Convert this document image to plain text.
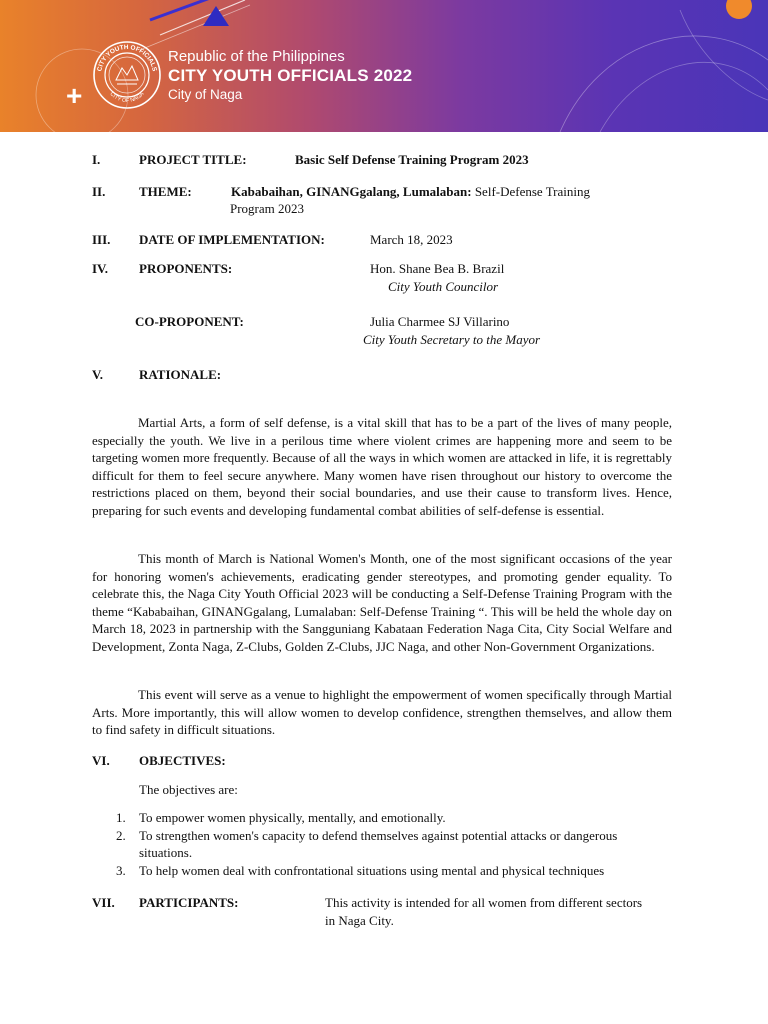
CITY YOUTH OFFICIALS
CITY OF NAGA
+
Republic of the Philippines
CITY YOUTH OFFICIALS 2022
City of Naga
I.	PROJECT TITLE:	Basic Self Defense Training Program 2023
II.	THEME:	Kababaihan, GINANGgalang, Lumalaban: Self-Defense Training
Program 2023
III. DATE OF IMPLEMENTATION:	March 18, 2023
IV. PROPONENTS:	Hon. Shane Bea B. Brazil
City Youth Councilor
CO-PROPONENT:	Julia Charmee SJ Villarino
City Youth Secretary to the Mayor
V.	RATIONALE:
Martial Arts, a form of self defense, is a vital skill that has to be a part of the lives of many people, especially the youth. We live in a perilous time where violent crimes are happening more and seem to be targeting women more frequently. Because of all the ways in which women are attacked in life, it is regrettably difficult for them to feel secure anywhere. Many women have risen throughout our history to overcome the restrictions placed on them, beyond their social boundaries, and use their cause to transform lives. Hence, preparing for such events and developing fundamental combat abilities of self-defense is essential.
This month of March is National Women's Month, one of the most significant occasions of the year for honoring women's achievements, eradicating gender stereotypes, and promoting gender equality. To celebrate this, the Naga City Youth Official 2023 will be conducting a Self-Defense Training Program with the theme “Kababaihan, GINANGgalang, Lumalaban: Self-Defense Training “. This will be held the whole day on March 18, 2023 in partnership with the Sangguniang Kabataan Federation Naga Cita, City Social Welfare and Development, Zonta Naga, Z-Clubs, Golden Z-Clubs, JJC Naga, and other Non-Government Organizations.
This event will serve as a venue to highlight the empowerment of women specifically through Martial Arts. More importantly, this will allow women to develop confidence, strengthen themselves, and allow them to find safety in difficult situations.
VI. OBJECTIVES:
The objectives are:
1. To empower women physically, mentally, and emotionally.
2. To strengthen women's capacity to defend themselves against potential attacks or dangerous situations.
3. To help women deal with confrontational situations using mental and physical techniques
VII. PARTICIPANTS:	This activity is intended for all women from different sectors
in Naga City.
